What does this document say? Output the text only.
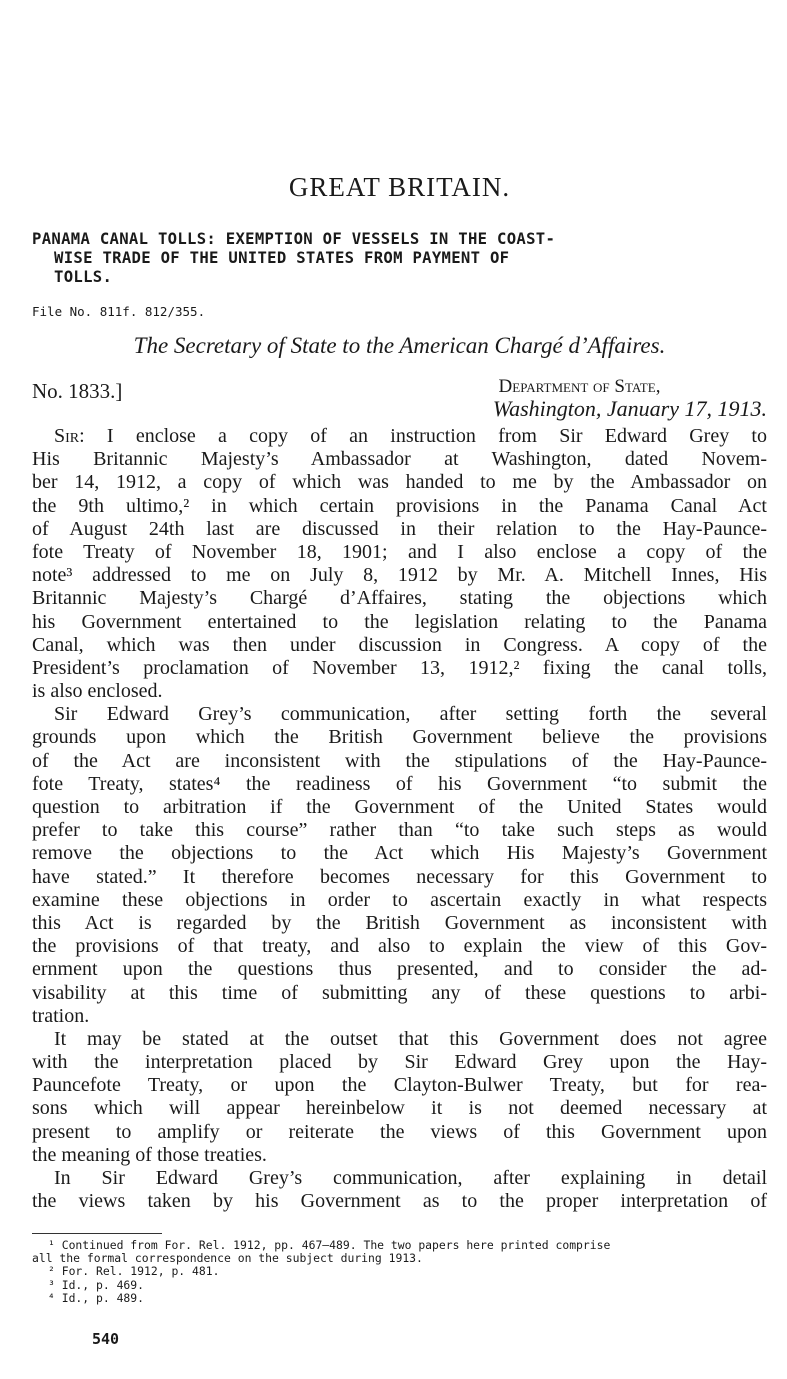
GREAT BRITAIN.
PANAMA CANAL TOLLS: EXEMPTION OF VESSELS IN THE COAST-
WISE TRADE OF THE UNITED STATES FROM PAYMENT OF
TOLLS.
File No. 811f. 812/355.
The Secretary of State to the American Chargé d’Affaires.
No. 1833.]	Department of State,
Washington, January 17, 1913.
Sir: I enclose a copy of an instruction from Sir Edward Grey to
His Britannic Majesty’s Ambassador at Washington, dated Novem-
ber 14, 1912, a copy of which was handed to me by the Ambassador on
the 9th ultimo,² in which certain provisions in the Panama Canal Act
of August 24th last are discussed in their relation to the Hay-Paunce-
fote Treaty of November 18, 1901; and I also enclose a copy of the
note³ addressed to me on July 8, 1912 by Mr. A. Mitchell Innes, His
Britannic Majesty’s Chargé d’Affaires, stating the objections which
his Government entertained to the legislation relating to the Panama
Canal, which was then under discussion in Congress. A copy of the
President’s proclamation of November 13, 1912,² fixing the canal tolls,
is also enclosed.
Sir Edward Grey’s communication, after setting forth the several
grounds upon which the British Government believe the provisions
of the Act are inconsistent with the stipulations of the Hay-Paunce-
fote Treaty, states⁴ the readiness of his Government “to submit the
question to arbitration if the Government of the United States would
prefer to take this course” rather than “to take such steps as would
remove the objections to the Act which His Majesty’s Government
have stated.” It therefore becomes necessary for this Government to
examine these objections in order to ascertain exactly in what respects
this Act is regarded by the British Government as inconsistent with
the provisions of that treaty, and also to explain the view of this Gov-
ernment upon the questions thus presented, and to consider the ad-
visability at this time of submitting any of these questions to arbi-
tration.
It may be stated at the outset that this Government does not agree
with the interpretation placed by Sir Edward Grey upon the Hay-
Pauncefote Treaty, or upon the Clayton-Bulwer Treaty, but for rea-
sons which will appear hereinbelow it is not deemed necessary at
present to amplify or reiterate the views of this Government upon
the meaning of those treaties.
In Sir Edward Grey’s communication, after explaining in detail
the views taken by his Government as to the proper interpretation of
¹ Continued from For. Rel. 1912, pp. 467–489. The two papers here printed comprise
all the formal correspondence on the subject during 1913.
² For. Rel. 1912, p. 481.
³ Id., p. 469.
⁴ Id., p. 489.
540
